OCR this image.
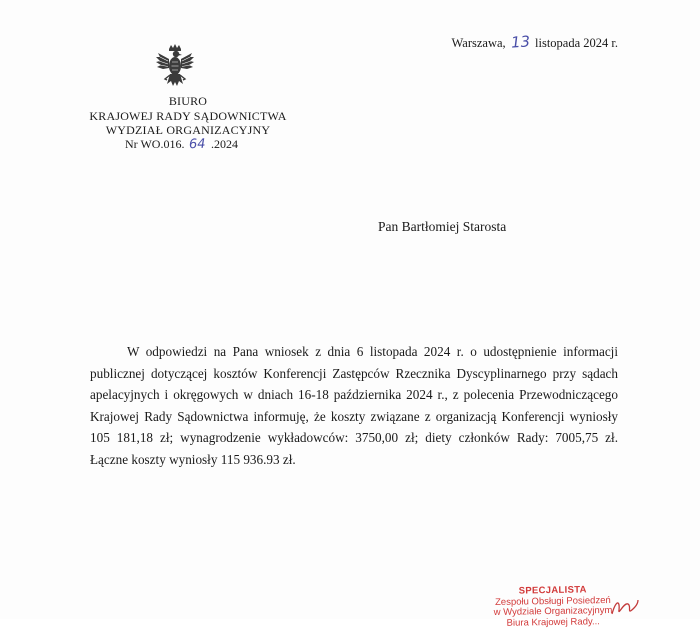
Warszawa, 13 listopada 2024 r.
BIURO
KRAJOWEJ RADY SĄDOWNICTWA
WYDZIAŁ ORGANIZACYJNY
Nr WO.016. 64 .2024
Pan Bartłomiej Starosta

W odpowiedzi na Pana wniosek z dnia 6 listopada 2024 r. o udostępnienie informacji publicznej dotyczącej kosztów Konferencji Zastępców Rzecznika Dyscyplinarnego przy sądach apelacyjnych i okręgowych w dniach 16-18 października 2024 r., z polecenia Przewodniczącego Krajowej Rady Sądownictwa informuję, że koszty związane z organizacją Konferencji wyniosły 105 181,18 zł; wynagrodzenie wykładowców: 3750,00 zł; diety członków Rady: 7005,75 zł. Łączne koszty wyniosły 115 936.93 zł.

SPECJALISTA
Zespołu Obsługi Posiedzeń
w Wydziale Organizacyjnym
Biura Krajowej Rady...
